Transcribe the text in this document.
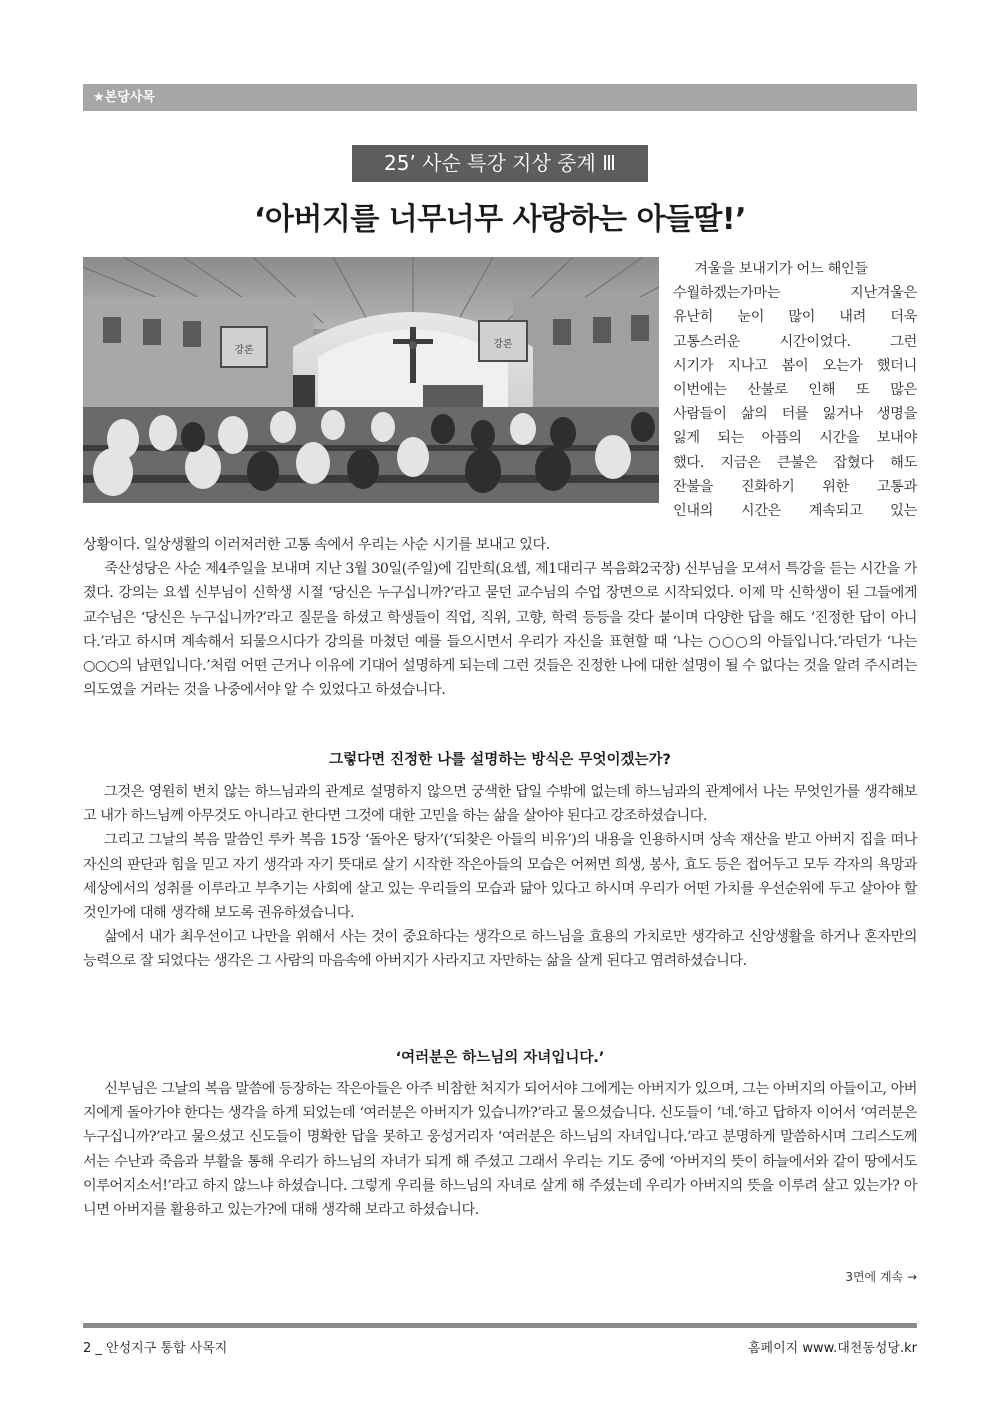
★본당사목
25’ 사순 특강 지상 중계 Ⅲ
‘아버지를 너무너무 사랑하는 아들딸!’
강론
강론
겨울을 보내기가 어느 해인들
수월하겠는가마는 지난겨울은
유난히 눈이 많이 내려 더욱
고통스러운 시간이었다. 그런
시기가 지나고 봄이 오는가 했더니
이번에는 산불로 인해 또 많은
사람들이 삶의 터를 잃거나 생명을
잃게 되는 아픔의 시간을 보내야
했다. 지금은 큰불은 잡혔다 해도
잔불을 진화하기 위한 고통과
인내의 시간은 계속되고 있는

상황이다. 일상생활의 이러저러한 고통 속에서 우리는 사순 시기를 보내고 있다.

죽산성당은 사순 제4주일을 보내며 지난 3월 30일(주일)에 김만희(요셉, 제1대리구 복음화2국장) 신부님을 모셔서 특강을 듣는 시간을 가졌다. 강의는 요셉 신부님이 신학생 시절 ‘당신은 누구십니까?’라고 묻던 교수님의 수업 장면으로 시작되었다. 이제 막 신학생이 된 그들에게 교수님은 ‘당신은 누구십니까?’라고 질문을 하셨고 학생들이 직업, 직위, 고향, 학력 등등을 갖다 붙이며 다양한 답을 해도 ‘진정한 답이 아니다.’라고 하시며 계속해서 되물으시다가 강의를 마쳤던 예를 들으시면서 우리가 자신을 표현할 때 ‘나는 ○○○의 아들입니다.’라던가 ‘나는 ○○○의 남편입니다.’처럼 어떤 근거나 이유에 기대어 설명하게 되는데 그런 것들은 진정한 나에 대한 설명이 될 수 없다는 것을 알려 주시려는 의도였을 거라는 것을 나중에서야 알 수 있었다고 하셨습니다.

그렇다면 진정한 나를 설명하는 방식은 무엇이겠는가?

그것은 영원히 변치 않는 하느님과의 관계로 설명하지 않으면 궁색한 답일 수밖에 없는데 하느님과의 관계에서 나는 무엇인가를 생각해보고 내가 하느님께 아무것도 아니라고 한다면 그것에 대한 고민을 하는 삶을 살아야 된다고 강조하셨습니다.

그리고 그날의 복음 말씀인 루카 복음 15장 ‘돌아온 탕자’(‘되찾은 아들의 비유’)의 내용을 인용하시며 상속 재산을 받고 아버지 집을 떠나 자신의 판단과 힘을 믿고 자기 생각과 자기 뜻대로 살기 시작한 작은아들의 모습은 어쩌면 희생, 봉사, 효도 등은 접어두고 모두 각자의 욕망과 세상에서의 성취를 이루라고 부추기는 사회에 살고 있는 우리들의 모습과 닮아 있다고 하시며 우리가 어떤 가치를 우선순위에 두고 살아야 할 것인가에 대해 생각해 보도록 권유하셨습니다.

삶에서 내가 최우선이고 나만을 위해서 사는 것이 중요하다는 생각으로 하느님을 효용의 가치로만 생각하고 신앙생활을 하거나 혼자만의 능력으로 잘 되었다는 생각은 그 사람의 마음속에 아버지가 사라지고 자만하는 삶을 살게 된다고 염려하셨습니다.

‘여러분은 하느님의 자녀입니다.’

신부님은 그날의 복음 말씀에 등장하는 작은아들은 아주 비참한 처지가 되어서야 그에게는 아버지가 있으며, 그는 아버지의 아들이고, 아버지에게 돌아가야 한다는 생각을 하게 되었는데 ‘여러분은 아버지가 있습니까?’라고 물으셨습니다. 신도들이 ‘네.’하고 답하자 이어서 ‘여러분은 누구십니까?’라고 물으셨고 신도들이 명확한 답을 못하고 웅성거리자 ‘여러분은 하느님의 자녀입니다.’라고 분명하게 말씀하시며 그리스도께서는 수난과 죽음과 부활을 통해 우리가 하느님의 자녀가 되게 해 주셨고 그래서 우리는 기도 중에 ‘아버지의 뜻이 하늘에서와 같이 땅에서도 이루어지소서!’라고 하지 않느냐 하셨습니다. 그렇게 우리를 하느님의 자녀로 살게 해 주셨는데 우리가 아버지의 뜻을 이루려 살고 있는가? 아니면 아버지를 활용하고 있는가?에 대해 생각해 보라고 하셨습니다.

3면에 계속 →
2 _ 안성지구 통합 사목지	홈페이지 www.대천동성당.kr
